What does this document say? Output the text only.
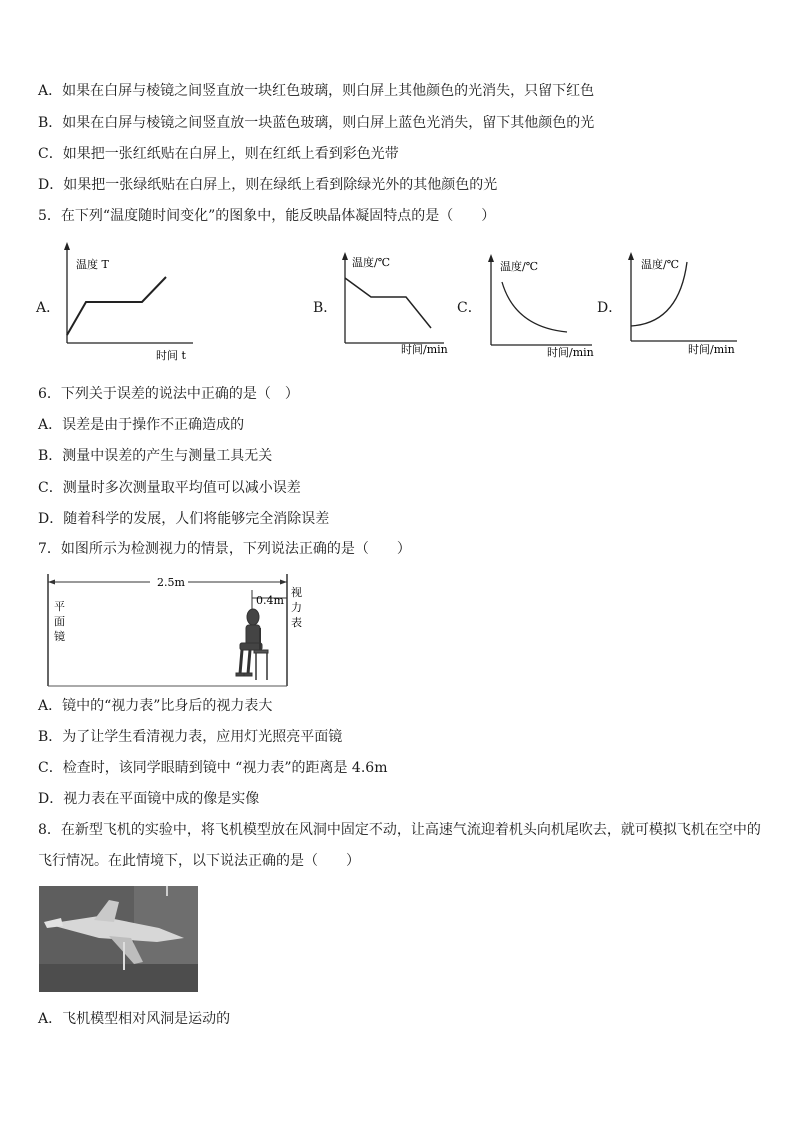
A．如果在白屏与棱镜之间竖直放一块红色玻璃，则白屏上其他颜色的光消失，只留下红色
B．如果在白屏与棱镜之间竖直放一块蓝色玻璃，则白屏上蓝色光消失，留下其他颜色的光
C．如果把一张红纸贴在白屏上，则在红纸上看到彩色光带
D．如果把一张绿纸贴在白屏上，则在绿纸上看到除绿光外的其他颜色的光
5．在下列“温度随时间变化”的图象中，能反映晶体凝固特点的是（　　）
A．
温度 T
时间 t
B．
温度/℃
时间/min
C．
温度/℃
时间/min
D．
温度/℃
时间/min
6．下列关于误差的说法中正确的是（　）
A．误差是由于操作不正确造成的
B．测量中误差的产生与测量工具无关
C．测量时多次测量取平均值可以减小误差
D．随着科学的发展，人们将能够完全消除误差
7．如图所示为检测视力的情景，下列说法正确的是（　　）
2.5m
0.4m
平
面
镜
视
力
表
A．镜中的“视力表”比身后的视力表大
B．为了让学生看清视力表，应用灯光照亮平面镜
C．检查时，该同学眼睛到镜中 “视力表”的距离是 4.6m
D．视力表在平面镜中成的像是实像
8．在新型飞机的实验中，将飞机模型放在风洞中固定不动，让高速气流迎着机头向机尾吹去，就可模拟飞机在空中的
飞行情况。在此情境下，以下说法正确的是（　　）
A．飞机模型相对风洞是运动的
